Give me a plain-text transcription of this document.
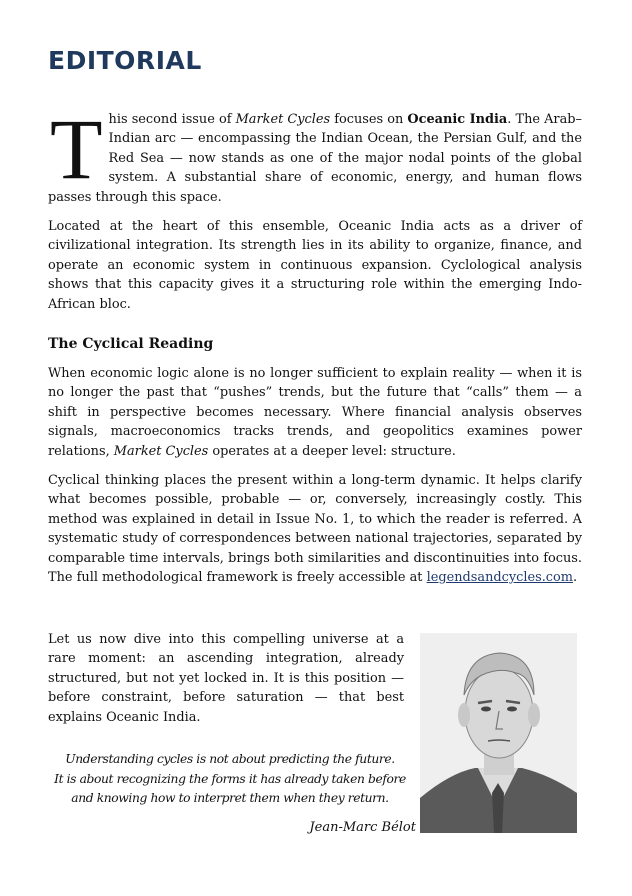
EDITORIAL

This second issue of Market Cycles focuses on Oceanic India. The Arab–Indian arc — encompassing the Indian Ocean, the Persian Gulf, and the Red Sea — now stands as one of the major nodal points of the global system. A substantial share of economic, energy, and human flows passes through this space.

Located at the heart of this ensemble, Oceanic India acts as a driver of civilizational integration. Its strength lies in its ability to organize, finance, and operate an economic system in continuous expansion. Cyclological analysis shows that this capacity gives it a structuring role within the emerging Indo-African bloc.

The Cyclical Reading

When economic logic alone is no longer sufficient to explain reality — when it is no longer the past that “pushes” trends, but the future that “calls” them — a shift in perspective becomes necessary. Where financial analysis observes signals, macroeconomics tracks trends, and geopolitics examines power relations, Market Cycles operates at a deeper level: structure.

Cyclical thinking places the present within a long-term dynamic. It helps clarify what becomes possible, probable — or, conversely, increasingly costly. This method was explained in detail in Issue No. 1, to which the reader is referred. A systematic study of correspondences between national trajectories, separated by comparable time intervals, brings both similarities and discontinuities into focus. The full methodological framework is freely accessible at legendsandcycles.com.

Let us now dive into this compelling universe at a rare moment: an ascending integration, already structured, but not yet locked in. It is this position — before constraint, before saturation — that best explains Oceanic India.
Understanding cycles is not about predicting the future.
It is about recognizing the forms it has already taken before
and knowing how to interpret them when they return.
Jean-Marc Bélot
